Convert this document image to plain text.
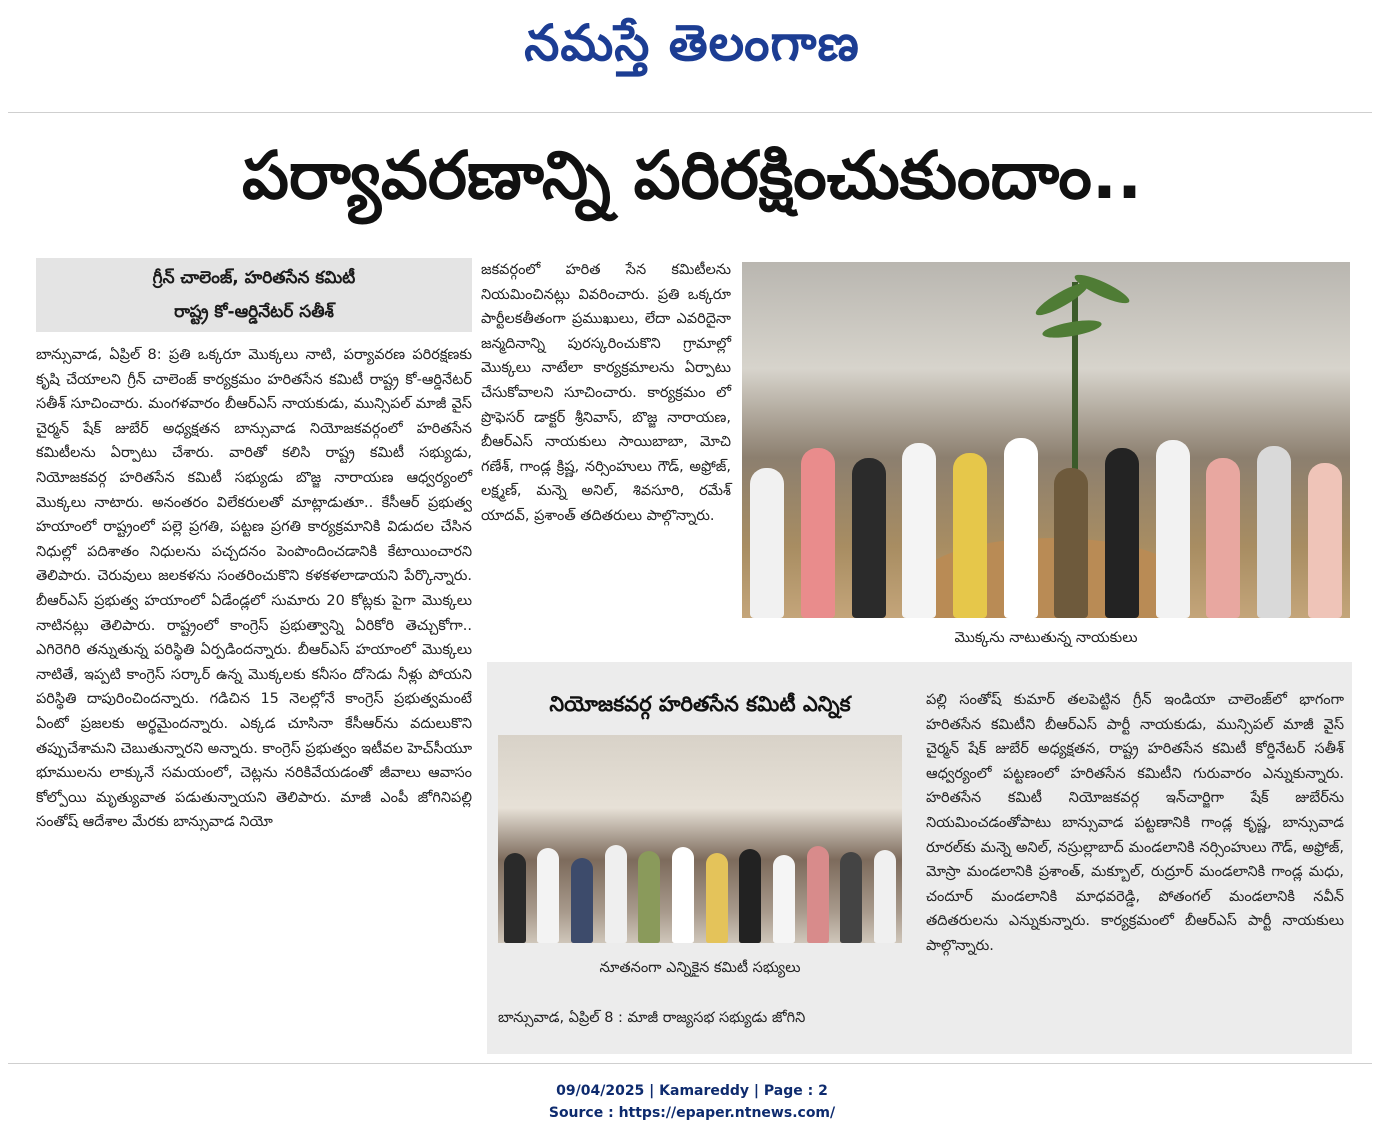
నమస్తే తెలంగాణ
పర్యావరణాన్ని పరిరక్షించుకుందాం..
గ్రీన్ చాలెంజ్, హరితసేన కమిటీ
రాష్ట్ర కో-ఆర్డినేటర్ సతీశ్
బాన్సువాడ, ఏప్రిల్ 8: ప్రతి ఒక్కరూ మొక్కలు నాటి, పర్యావరణ పరిరక్షణకు కృషి చేయాలని గ్రీన్ చాలెంజ్ కార్యక్రమం హరితసేన కమిటీ రాష్ట్ర కో-ఆర్డినేటర్ సతీశ్ సూచించారు. మంగళవారం బీఆర్ఎస్ నాయకుడు, మున్సిపల్ మాజీ వైస్ చైర్మన్ షేక్ జుబేర్ అధ్యక్షతన బాన్సువాడ నియోజకవర్గంలో హరితసేన కమిటీలను ఏర్పాటు చేశారు. వారితో కలిసి రాష్ట్ర కమిటీ సభ్యుడు, నియోజకవర్గ హరితసేన కమిటీ సభ్యుడు బొజ్జ నారాయణ ఆధ్వర్యంలో మొక్కలు నాటారు. అనంతరం విలేకరులతో మాట్లాడుతూ.. కేసీఆర్ ప్రభుత్వ హయాంలో రాష్ట్రంలో పల్లె ప్రగతి, పట్టణ ప్రగతి కార్యక్రమానికి విడుదల చేసిన నిధుల్లో పదిశాతం నిధులను పచ్చదనం పెంపొందించడానికి కేటాయించారని తెలిపారు. చెరువులు జలకళను సంతరించుకొని కళకళలాడాయని పేర్కొన్నారు. బీఆర్ఎస్ ప్రభుత్వ హయాంలో ఏడేండ్లలో సుమారు 20 కోట్లకు పైగా మొక్కలు నాటినట్లు తెలిపారు. రాష్ట్రంలో కాంగ్రెస్ ప్రభుత్వాన్ని ఏరికోరి తెచ్చుకోగా.. ఎగిరెగిరి తన్నుతున్న పరిస్థితి ఏర్పడిందన్నారు. బీఆర్ఎస్ హయాంలో మొక్కలు నాటితే, ఇప్పటి కాంగ్రెస్ సర్కార్ ఉన్న మొక్కలకు కనీసం దోసెడు నీళ్లు పోయని పరిస్థితి దాపురించిందన్నారు. గడిచిన 15 నెలల్లోనే కాంగ్రెస్ ప్రభుత్వమంటే ఏంటో ప్రజలకు అర్థమైందన్నారు. ఎక్కడ చూసినా కేసీఆర్‌ను వదులుకొని తప్పుచేశామని చెబుతున్నారని అన్నారు. కాంగ్రెస్ ప్రభుత్వం ఇటీవల హెచ్‌సీయూ భూములను లాక్కునే సమయంలో, చెట్లను నరికివేయడంతో జీవాలు ఆవాసం కోల్పోయి మృత్యువాత పడుతున్నాయని తెలిపారు. మాజీ ఎంపీ జోగినిపల్లి సంతోష్ ఆదేశాల మేరకు బాన్సువాడ నియో
జకవర్గంలో హరిత సేన కమిటీలను నియమించినట్లు వివరించారు. ప్రతి ఒక్కరూ పార్టీలకతీతంగా ప్రముఖులు, లేదా ఎవరిదైనా జన్మదినాన్ని పురస్కరించుకొని గ్రామాల్లో మొక్కలు నాటేలా కార్యక్రమాలను ఏర్పాటు చేసుకోవాలని సూచించారు. కార్యక్రమం లో ప్రొఫెసర్ డాక్టర్ శ్రీనివాస్, బొజ్జ నారాయణ, బీఆర్ఎస్ నాయకులు సాయిబాబా, మోచి గణేశ్, గాండ్ల క్రిష్ణ, నర్సింహులు గౌడ్, అఫ్రోజ్, లక్ష్మణ్, మన్నె అనిల్, శివసూరి, రమేశ్ యాదవ్, ప్రశాంత్ తదితరులు పాల్గొన్నారు.
మొక్కను నాటుతున్న నాయకులు
నియోజకవర్గ హరితసేన కమిటీ ఎన్నిక
నూతనంగా ఎన్నికైన కమిటీ సభ్యులు
బాన్సువాడ, ఏప్రిల్ 8 : మాజీ రాజ్యసభ సభ్యుడు జోగిని
పల్లి సంతోష్ కుమార్ తలపెట్టిన గ్రీన్ ఇండియా చాలెంజ్‌లో భాగంగా హరితసేన కమిటీని బీఆర్ఎస్ పార్టీ నాయకుడు, మున్సిపల్ మాజీ వైస్ చైర్మన్ షేక్ జుబేర్ అధ్యక్షతన, రాష్ట్ర హరితసేన కమిటీ కోర్డినేటర్ సతీశ్ ఆధ్వర్యంలో పట్టణంలో హరితసేన కమిటీని గురువారం ఎన్నుకున్నారు. హరితసేన కమిటీ నియోజకవర్గ ఇన్‌చార్జిగా షేక్ జుబేర్‌ను నియమించడంతోపాటు బాన్సువాడ పట్టణానికి గాండ్ల కృష్ణ, బాన్సువాడ రూరల్‌కు మన్నె అనిల్, నస్రుల్లాబాద్ మండలానికి నర్సింహులు గౌడ్, అఫ్రోజ్, మోస్రా మండలానికి ప్రశాంత్, మక్బూల్, రుద్రూర్ మండలానికి గాండ్ల మధు, చందూర్ మండలానికి మాధవరెడ్డి, పోతంగల్ మండలానికి నవీన్ తదితరులను ఎన్నుకున్నారు. కార్యక్రమంలో బీఆర్ఎస్ పార్టీ నాయకులు పాల్గొన్నారు.
09/04/2025 | Kamareddy | Page : 2
Source : https://epaper.ntnews.com/
